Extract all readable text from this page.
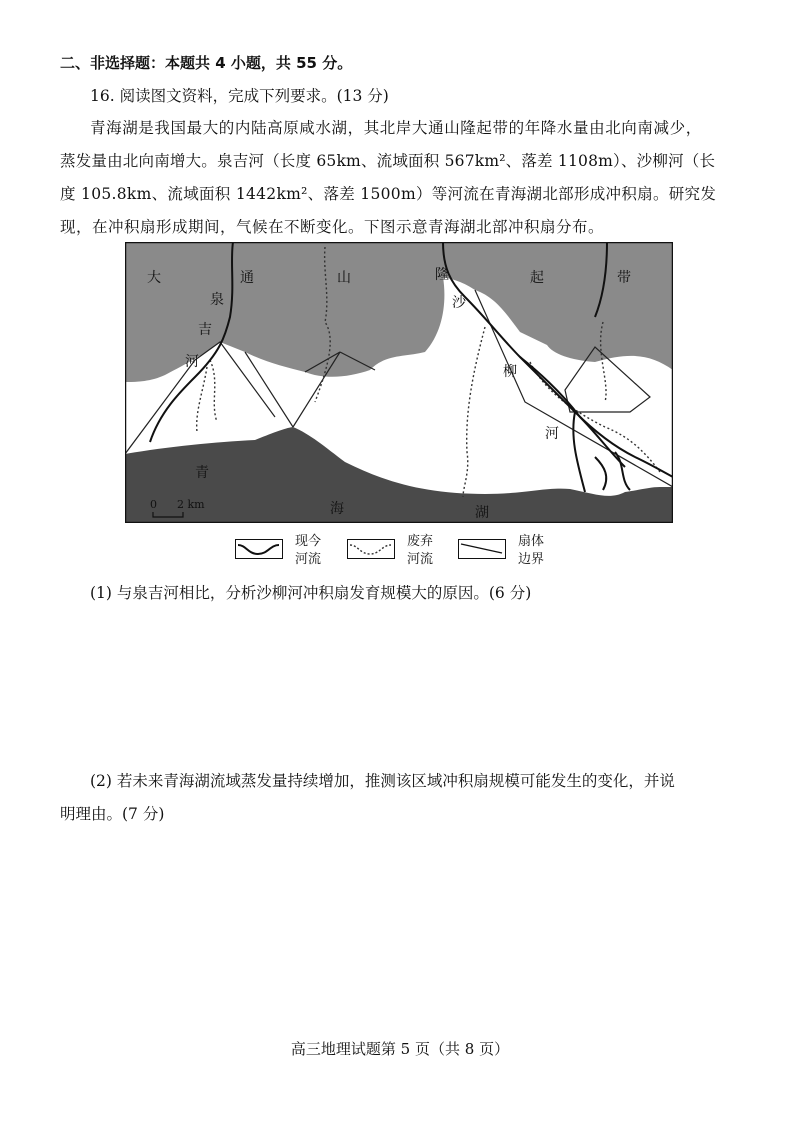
二、非选择题：本题共 4 小题，共 55 分。
16. 阅读图文资料，完成下列要求。(13 分)
青海湖是我国最大的内陆高原咸水湖，其北岸大通山隆起带的年降水量由北向南减少，
蒸发量由北向南增大。泉吉河（长度 65km、流域面积 567km²、落差 1108m）、沙柳河（长
度 105.8km、流域面积 1442km²、落差 1500m）等河流在青海湖北部形成冲积扇。研究发
现，在冲积扇形成期间，气候在不断变化。下图示意青海湖北部冲积扇分布。
大	通	山	隆	起	带
泉
吉
河
沙
柳
河
青
海	湖
0 2 km
现今
河流
废弃
河流
扇体
边界
(1) 与泉吉河相比，分析沙柳河冲积扇发育规模大的原因。(6 分)
(2) 若未来青海湖流域蒸发量持续增加，推测该区域冲积扇规模可能发生的变化，并说
明理由。(7 分)
高三地理试题第 5 页（共 8 页）
